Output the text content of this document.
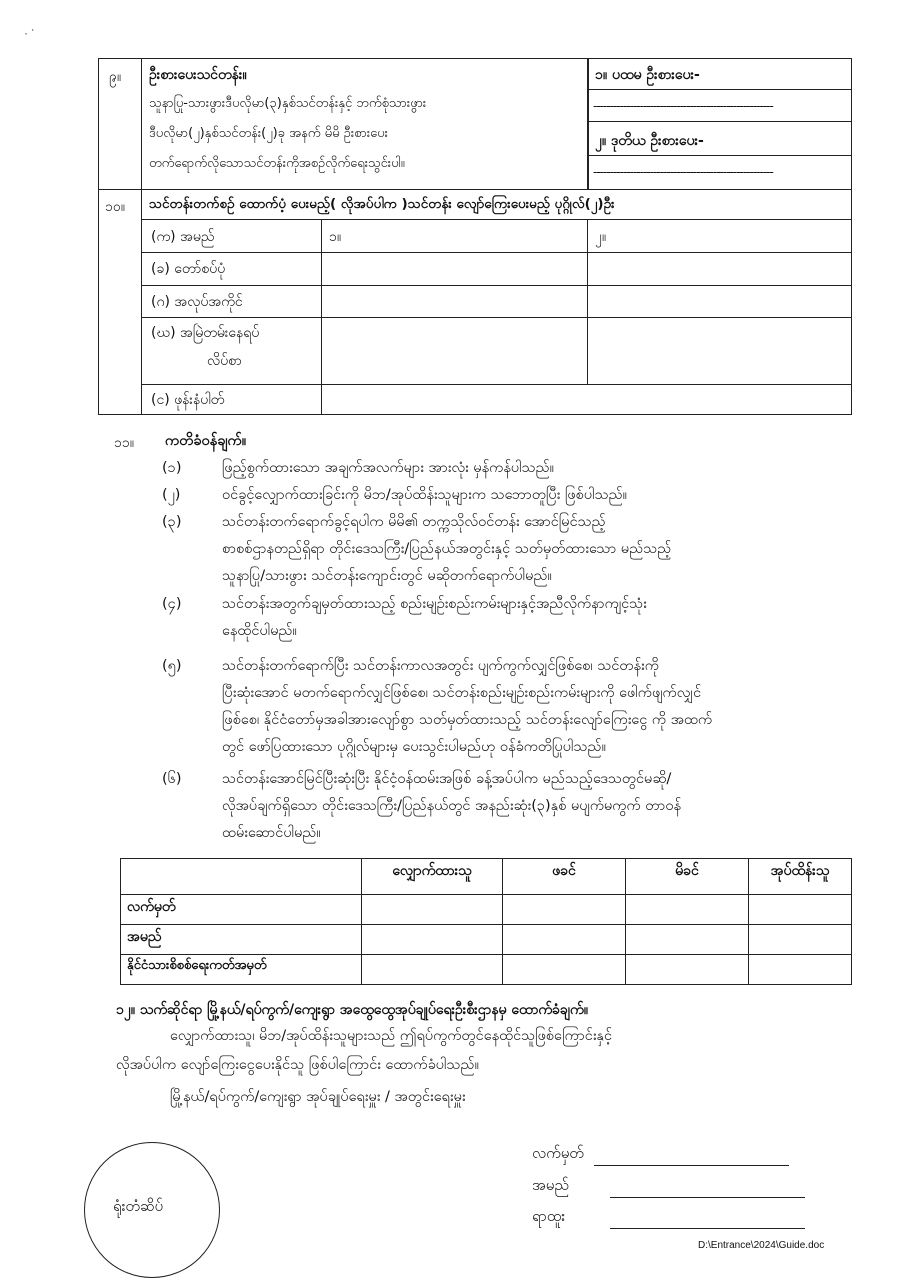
. .
၉။ ဦးစားပေးသင်တန်း။
သူနာပြု-သားဖွားဒီပလိုမာ(၃)နှစ်သင်တန်းနှင့် ဘက်စုံသားဖွား
ဒီပလိုမာ(၂)နှစ်သင်တန်း(၂)ခု အနက် မိမိ ဦးစားပေး
တက်ရောက်လိုသောသင်တန်းကိုအစဥ်လိုက်ရေးသွင်းပါ။
၁။ ပထမ ဦးစားပေး-
------------------------------------------------------
၂။ ဒုတိယ ဦးစားပေး-
------------------------------------------------------
၁၀။ သင်တန်းတက်စဥ် ထောက်ပံ့ ပေးမည့်( လိုအပ်ပါက )သင်တန်း လျော်ကြေးပေးမည့် ပုဂ္ဂိုလ်(၂)ဦး
(က) အမည်	၁။	၂။
(ခ) တော်စပ်ပုံ
(ဂ) အလုပ်အကိုင်
(ဃ) အမြဲတမ်းနေရပ်
လိပ်စာ
(င) ဖုန်းနံပါတ်
၁၁။ ကတိခံဝန်ချက်။
(၁)	ဖြည့်စွက်ထားသော အချက်အလက်များ အားလုံး မှန်ကန်ပါသည်။
(၂)	ဝင်ခွင့်လျှောက်ထားခြင်းကို မိဘ/အုပ်ထိန်းသူများက သဘောတူပြီး ဖြစ်ပါသည်။
(၃)	သင်တန်းတက်ရောက်ခွင့်ရပါက မိမိ၏ တက္ကသိုလ်ဝင်တန်း အောင်မြင်သည့်
စာစစ်ဌာနတည်ရှိရာ တိုင်းဒေသကြီး/ပြည်နယ်အတွင်းနှင့် သတ်မှတ်ထားသော မည်သည့်
သူနာပြု/သားဖွား သင်တန်းကျောင်းတွင် မဆိုတက်ရောက်ပါမည်။
(၄)	သင်တန်းအတွက်ချမှတ်ထားသည့် စည်းမျဥ်းစည်းကမ်းများနှင့်အညီလိုက်နာကျင့်သုံး
နေထိုင်ပါမည်။
(၅)	သင်တန်းတက်ရောက်ပြီး သင်တန်းကာလအတွင်း ပျက်ကွက်လျှင်ဖြစ်စေ၊ သင်တန်းကို
ပြီးဆုံးအောင် မတက်ရောက်လျှင်ဖြစ်စေ၊ သင်တန်းစည်းမျဥ်းစည်းကမ်းများကို ဖေါက်ဖျက်လျှင်
ဖြစ်စေ၊ နိုင်ငံတော်မှအခါအားလျော်စွာ သတ်မှတ်ထားသည့် သင်တန်းလျော်ကြေးငွေ ကို အထက်
တွင် ဖော်ပြထားသော ပုဂ္ဂိုလ်များမှ ပေးသွင်းပါမည်ဟု ဝန်ခံကတိပြုပါသည်။
(၆)	သင်တန်းအောင်မြင်ပြီးဆုံးပြီး နိုင်ငံ့ဝန်ထမ်းအဖြစ် ခန့်အပ်ပါက မည်သည့်ဒေသတွင်မဆို/
လိုအပ်ချက်ရှိသော တိုင်းဒေသကြီး/ပြည်နယ်တွင် အနည်းဆုံး(၃)နှစ် မပျက်မကွက် တာဝန်
ထမ်းဆောင်ပါမည်။
	လျှောက်ထားသူ	ဖခင်	မိခင်	အုပ်ထိန်းသူ
လက်မှတ်				
အမည်				
နိုင်ငံသားစိစစ်ရေးကတ်အမှတ်				
၁၂။ သက်ဆိုင်ရာ မြို့နယ်/ရပ်ကွက်/ကျေးရွာ အထွေထွေအုပ်ချုပ်ရေးဦးစီးဌာနမှ ထောက်ခံချက်။
လျှောက်ထားသူ၊ မိဘ/အုပ်ထိန်းသူများသည် ဤရပ်ကွက်တွင်နေထိုင်သူဖြစ်ကြောင်းနှင့်
လိုအပ်ပါက လျော်ကြေးငွေပေးနိုင်သူ ဖြစ်ပါကြောင်း ထောက်ခံပါသည်။
မြို့နယ်/ရပ်ကွက်/ကျေးရွာ အုပ်ချုပ်ရေးမှူး / အတွင်းရေးမှူး
ရုံးတံဆိပ်
လက်မှတ်
အမည်
ရာထူး
D:\Entrance\2024\Guide.doc
